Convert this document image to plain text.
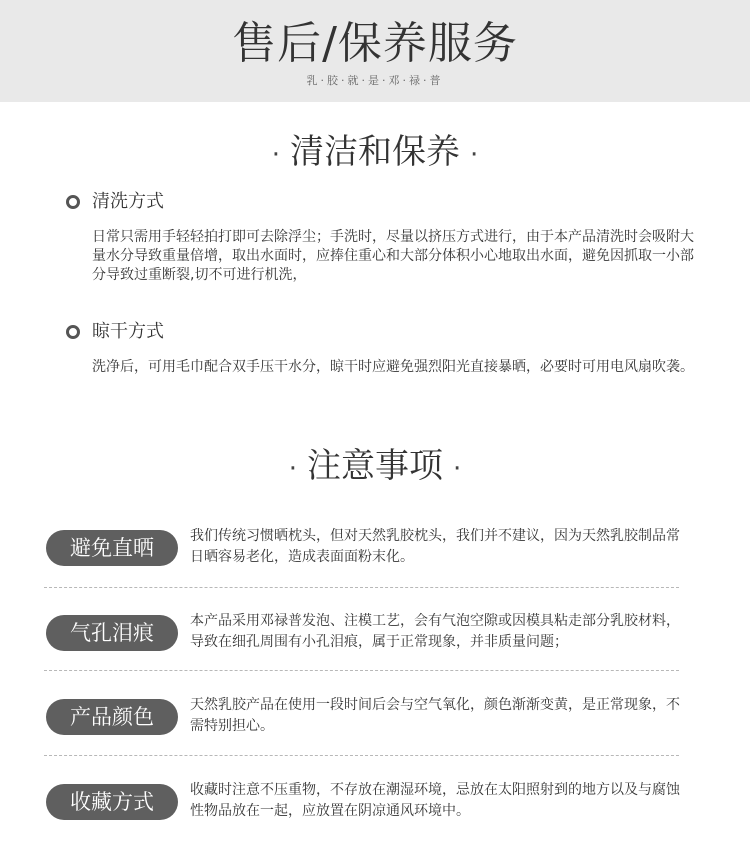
售后/保养服务
乳·胶·就·是·邓·禄·普
· 清洁和保养 ·
清洗方式
日常只需用手轻轻拍打即可去除浮尘；手洗时，尽量以挤压方式进行，由于本产品清洗时会吸附大量水分导致重量倍增，取出水面时，应捧住重心和大部分体积小心地取出水面，避免因抓取一小部分导致过重断裂,切不可进行机洗，
晾干方式
洗净后，可用毛巾配合双手压干水分，晾干时应避免强烈阳光直接暴晒，必要时可用电风扇吹袭。
· 注意事项 ·
避免直晒	我们传统习惯晒枕头，但对天然乳胶枕头，我们并不建议，因为天然乳胶制品常日晒容易老化，造成表面面粉末化。
气孔泪痕	本产品采用邓禄普发泡、注模工艺，会有气泡空隙或因模具粘走部分乳胶材料，导致在细孔周围有小孔泪痕，属于正常现象，并非质量问题；
产品颜色	天然乳胶产品在使用一段时间后会与空气氧化，颜色渐渐变黄，是正常现象，不需特别担心。
收藏方式	收藏时注意不压重物，不存放在潮湿环境，忌放在太阳照射到的地方以及与腐蚀性物品放在一起，应放置在阴凉通风环境中。
